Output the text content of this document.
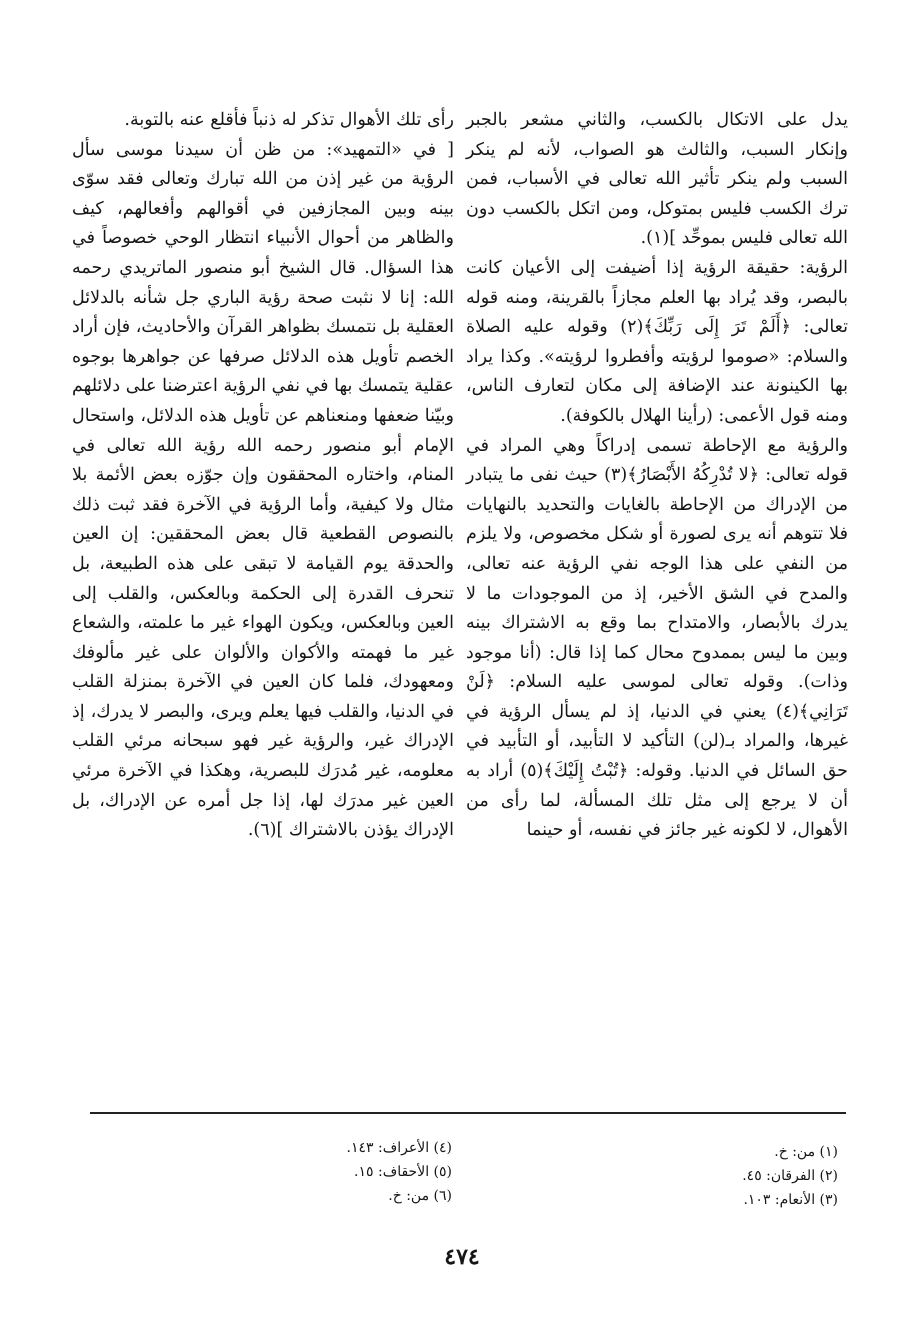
يدل على الاتكال بالكسب، والثاني مشعر بالجبر وإنكار السبب، والثالث هو الصواب، لأنه لم ينكر السبب ولم ينكر تأثير الله تعالى في الأسباب، فمن ترك الكسب فليس بمتوكل، ومن اتكل بالكسب دون الله تعالى فليس بموحِّد ](١).

الرؤية: حقيقة الرؤية إذا أضيفت إلى الأعيان كانت بالبصر، وقد يُراد بها العلم مجازاً بالقرينة، ومنه قوله تعالى: ﴿أَلَمْ تَرَ إِلَى رَبِّكَ﴾(٢) وقوله عليه الصلاة والسلام: «صوموا لرؤيته وأفطروا لرؤيته». وكذا يراد بها الكينونة عند الإضافة إلى مكان لتعارف الناس، ومنه قول الأعمى: (رأينا الهلال بالكوفة).

والرؤية مع الإحاطة تسمى إدراكاً وهي المراد في قوله تعالى: ﴿لا تُدْرِكُهُ الأَبْصَارُ﴾(٣) حيث نفى ما يتبادر من الإدراك من الإحاطة بالغايات والتحديد بالنهايات فلا تتوهم أنه يرى لصورة أو شكل مخصوص، ولا يلزم من النفي على هذا الوجه نفي الرؤية عنه تعالى، والمدح في الشق الأخير، إذ من الموجودات ما لا يدرك بالأبصار، والامتداح بما وقع به الاشتراك بينه وبين ما ليس بممدوح محال كما إذا قال: (أنا موجود وذات). وقوله تعالى لموسى عليه السلام: ﴿لَنْ تَرَانِي﴾(٤) يعني في الدنيا، إذ لم يسأل الرؤية في غيرها، والمراد بـ(لن) التأكيد لا التأبيد، أو التأبيد في حق السائل في الدنيا. وقوله: ﴿تُبْتُ إِلَيْكَ﴾(٥) أراد به أن لا يرجع إلى مثل تلك المسألة، لما رأى من الأهوال، لا لكونه غير جائز في نفسه، أو حينما

رأى تلك الأهوال تذكر له ذنباً فأقلع عنه بالتوبة.

[ في «التمهيد»: من ظن أن سيدنا موسى سأل الرؤية من غير إذن من الله تبارك وتعالى فقد سوّى بينه وبين المجازفين في أقوالهم وأفعالهم، كيف والظاهر من أحوال الأنبياء انتظار الوحي خصوصاً في هذا السؤال. قال الشيخ أبو منصور الماتريدي رحمه الله: إنا لا نثبت صحة رؤية الباري جل شأنه بالدلائل العقلية بل نتمسك بظواهر القرآن والأحاديث، فإن أراد الخصم تأويل هذه الدلائل صرفها عن جواهرها بوجوه عقلية يتمسك بها في نفي الرؤية اعترضنا على دلائلهم وبيّنا ضعفها ومنعناهم عن تأويل هذه الدلائل، واستحال الإمام أبو منصور رحمه الله رؤية الله تعالى في المنام، واختاره المحققون وإن جوّزه بعض الأئمة بلا مثال ولا كيفية، وأما الرؤية في الآخرة فقد ثبت ذلك بالنصوص القطعية قال بعض المحققين: إن العين والحدقة يوم القيامة لا تبقى على هذه الطبيعة، بل تنحرف القدرة إلى الحكمة وبالعكس، والقلب إلى العين وبالعكس، ويكون الهواء غير ما علمته، والشعاع غير ما فهمته والأكوان والألوان على غير مألوفك ومعهودك، فلما كان العين في الآخرة بمنزلة القلب في الدنيا، والقلب فيها يعلم ويرى، والبصر لا يدرك، إذ الإدراك غير، والرؤية غير فهو سبحانه مرئي القلب معلومه، غير مُدرَك للبصرية، وهكذا في الآخرة مرئي العين غير مدرَك لها، إذا جل أمره عن الإدراك، بل الإدراك يؤذن بالاشتراك ](٦).

(١) من: خ.
(٢) الفرقان: ٤٥.
(٣) الأنعام: ١٠٣.
(٤) الأعراف: ١٤٣.
(٥) الأحقاف: ١٥.
(٦) من: خ.
٤٧٤
